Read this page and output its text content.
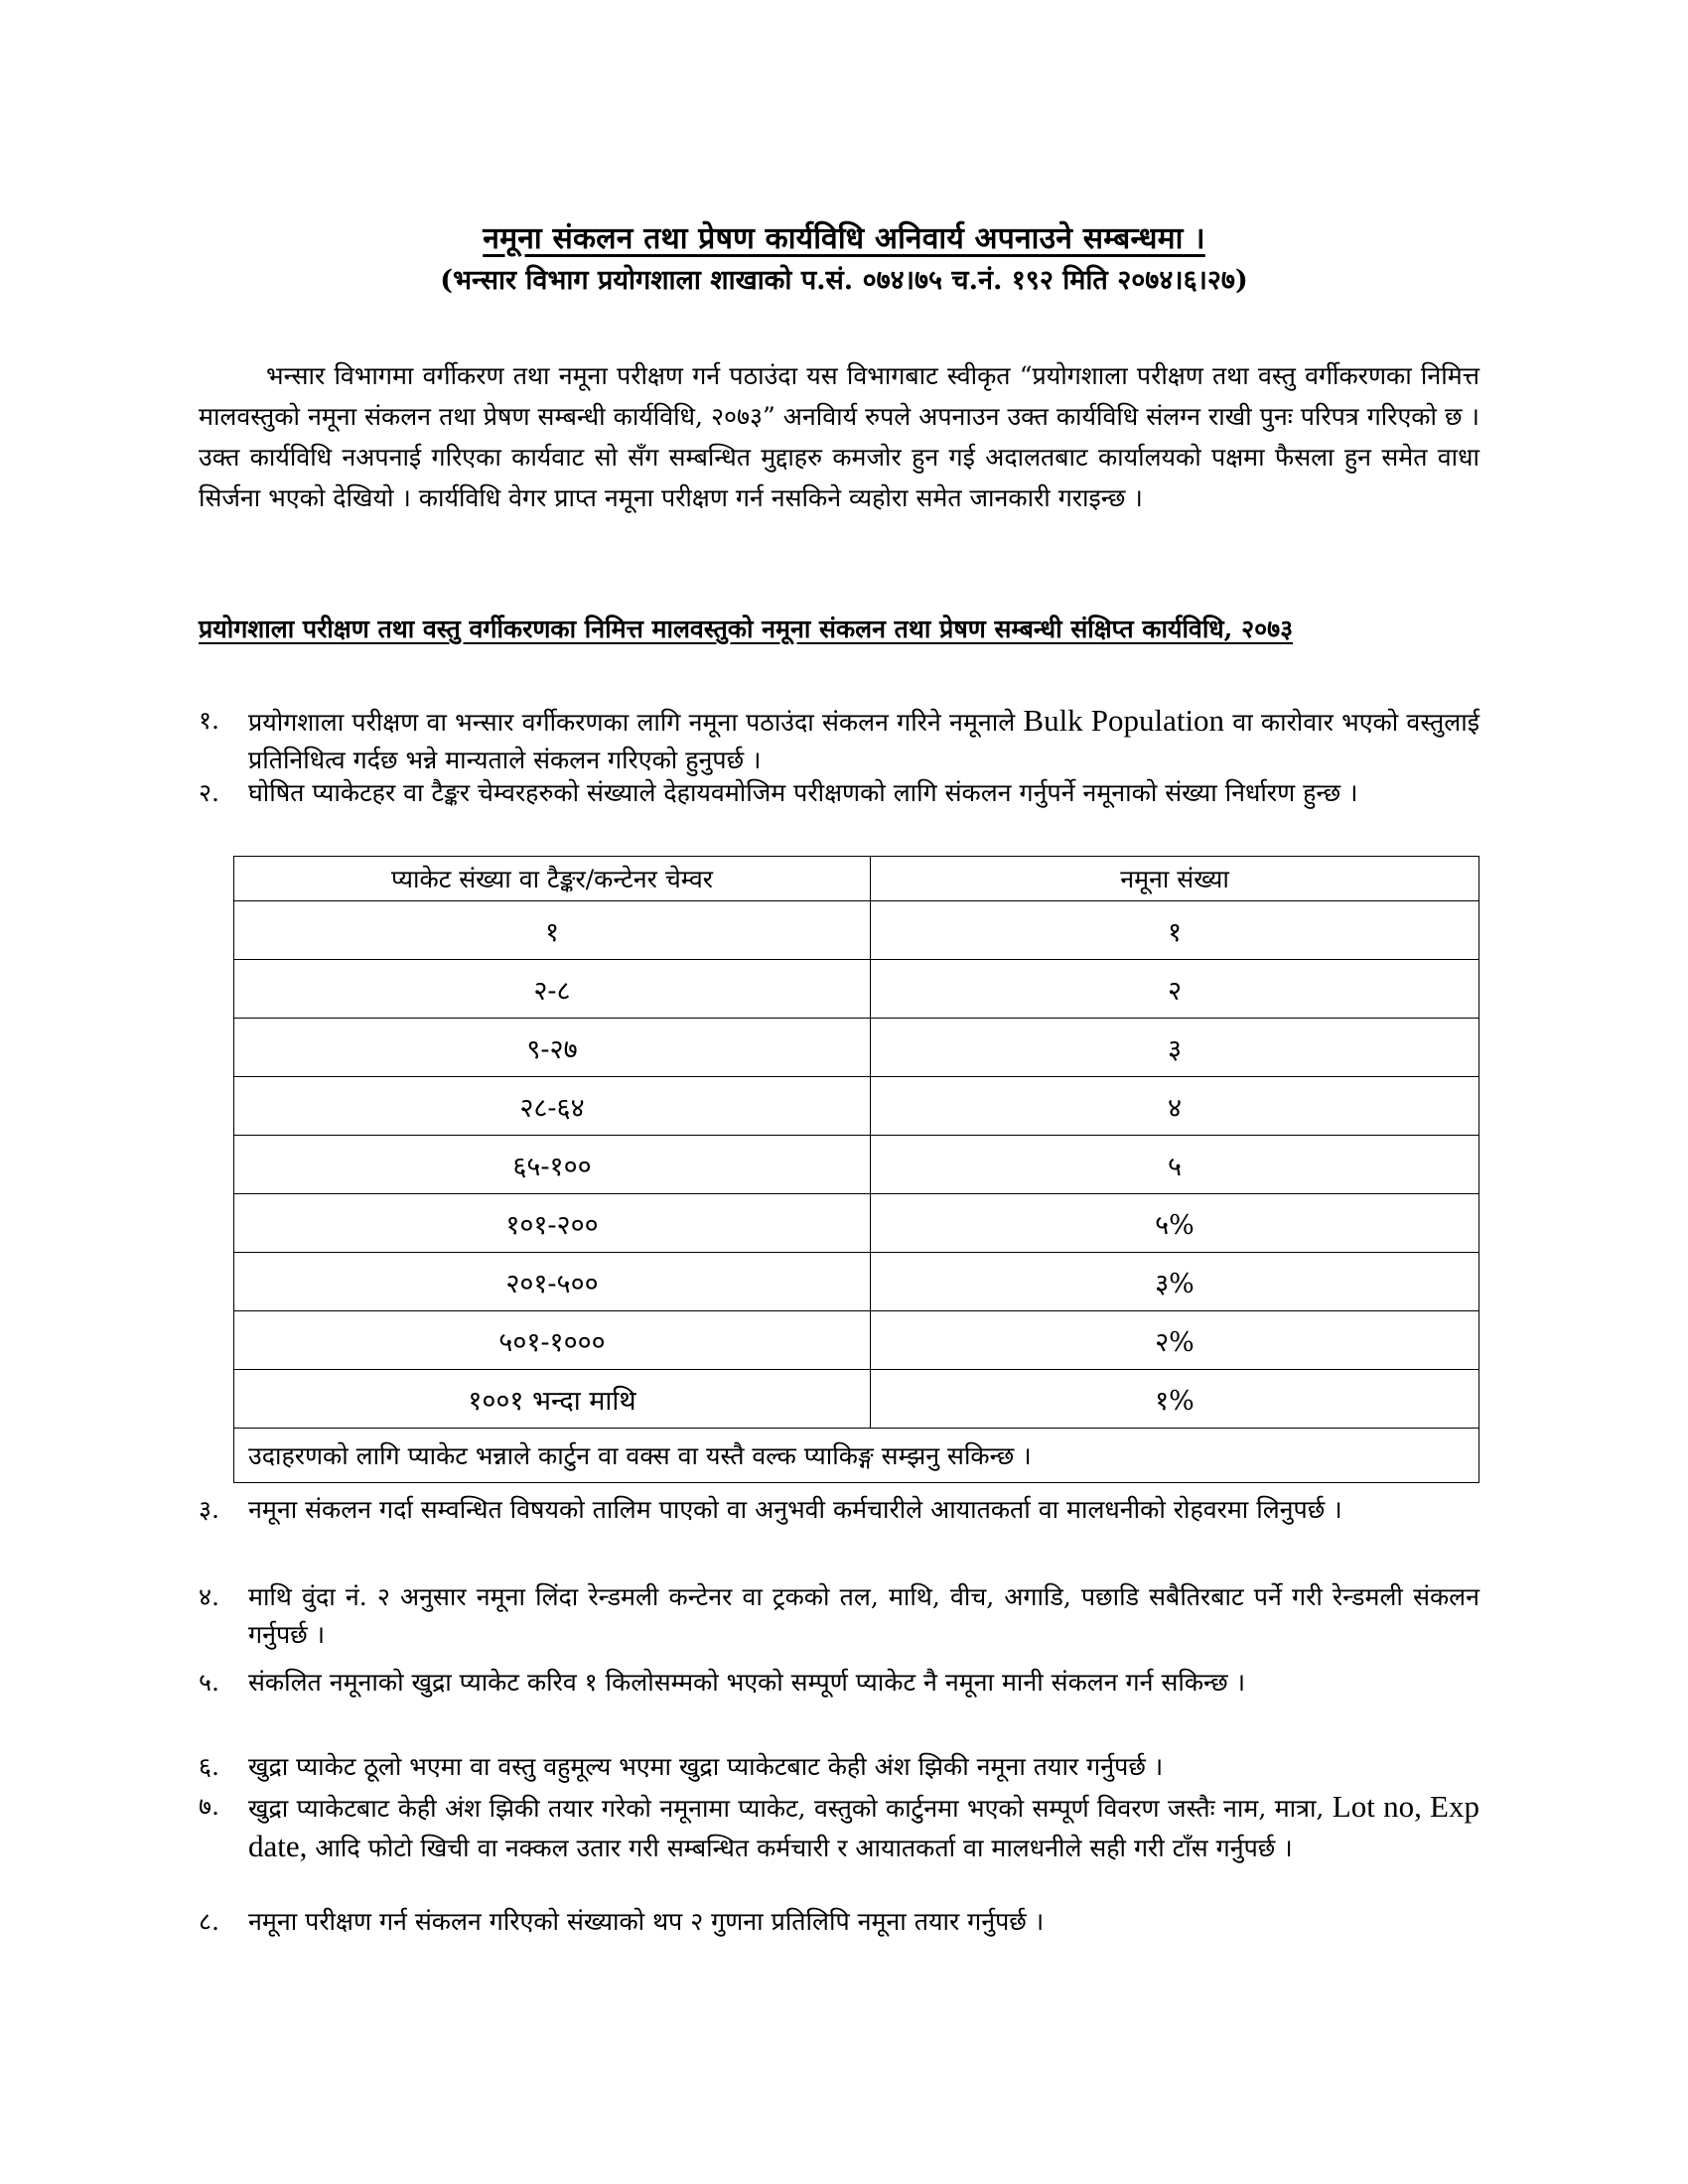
नमूना संकलन तथा प्रेषण कार्यविधि अनिवार्य अपनाउने सम्बन्धमा ।
(भन्सार विभाग प्रयोगशाला शाखाको प.सं. ०७४।७५ च.नं. १९२ मिति २०७४।६।२७)

भन्सार विभागमा वर्गीकरण तथा नमूना परीक्षण गर्न पठाउंदा यस विभागबाट स्वीकृत “प्रयोगशाला परीक्षण तथा वस्तु वर्गीकरणका निमित्त मालवस्तुको नमूना संकलन तथा प्रेषण सम्बन्धी कार्यविधि, २०७३” अनविार्य रुपले अपनाउन उक्त कार्यविधि संलग्न राखी पुनः परिपत्र गरिएको छ । उक्त कार्यविधि नअपनाई गरिएका कार्यवाट सो सँग सम्बन्धित मुद्दाहरु कमजोर हुन गई अदालतबाट कार्यालयको पक्षमा फैसला हुन समेत वाधा सिर्जना भएको देखियो । कार्यविधि वेगर प्राप्त नमूना परीक्षण गर्न नसकिने व्यहोरा समेत जानकारी गराइन्छ ।

प्रयोगशाला परीक्षण तथा वस्तु वर्गीकरणका निमित्त मालवस्तुको नमूना संकलन तथा प्रेषण सम्बन्धी संक्षिप्त कार्यविधि, २०७३
१.	प्रयोगशाला परीक्षण वा भन्सार वर्गीकरणका लागि नमूना पठाउंदा संकलन गरिने नमूनाले Bulk Population वा कारोवार भएको वस्तुलाई प्रतिनिधित्व गर्दछ भन्ने मान्यताले संकलन गरिएको हुनुपर्छ ।
२.	घोषित प्याकेटहर वा टैङ्कर चेम्वरहरुको संख्याले देहायवमोजिम परीक्षणको लागि संकलन गर्नुपर्ने नमूनाको संख्या निर्धारण हुन्छ ।
प्याकेट संख्या वा टैङ्कर/कन्टेनर चेम्वर	नमूना संख्या
१	१
२-८	२
९-२७	३
२८-६४	४
६५-१००	५
१०१-२००	५%
२०१-५००	३%
५०१-१०००	२%
१००१ भन्दा माथि	१%
उदाहरणको लागि प्याकेट भन्नाले कार्टुन वा वक्स वा यस्तै वल्क प्याकिङ्ग सम्झनु सकिन्छ ।	
३.	नमूना संकलन गर्दा सम्वन्धित विषयको तालिम पाएको वा अनुभवी कर्मचारीले आयातकर्ता वा मालधनीको रोहवरमा लिनुपर्छ ।
४.	माथि वुंदा नं. २ अनुसार नमूना लिंदा रेन्डमली कन्टेनर वा ट्रकको तल, माथि, वीच, अगाडि, पछाडि सबैतिरबाट पर्ने गरी रेन्डमली संकलन गर्नुपर्छ ।
५.	संकलित नमूनाको खुद्रा प्याकेट करिव १ किलोसम्मको भएको सम्पूर्ण प्याकेट नै नमूना मानी संकलन गर्न सकिन्छ ।
६.	खुद्रा प्याकेट ठूलो भएमा वा वस्तु वहुमूल्य भएमा खुद्रा प्याकेटबाट केही अंश झिकी नमूना तयार गर्नुपर्छ ।
७.	खुद्रा प्याकेटबाट केही अंश झिकी तयार गरेको नमूनामा प्याकेट, वस्तुको कार्टुनमा भएको सम्पूर्ण विवरण जस्तैः नाम, मात्रा, Lot no, Exp date, आदि फोटो खिची वा नक्कल उतार गरी सम्बन्धित कर्मचारी र आयातकर्ता वा मालधनीले सही गरी टाँस गर्नुपर्छ ।
८.	नमूना परीक्षण गर्न संकलन गरिएको संख्याको थप २ गुणना प्रतिलिपि नमूना तयार गर्नुपर्छ ।
